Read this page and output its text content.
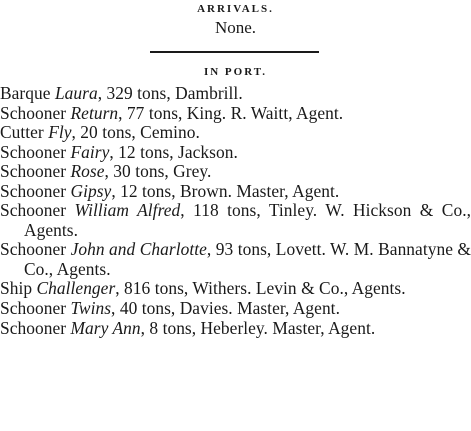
ARRIVALS.
None.
IN PORT.
Barque Laura, 329 tons, Dambrill.
Schooner Return, 77 tons, King. R. Waitt, Agent.
Cutter Fly, 20 tons, Cemino.
Schooner Fairy, 12 tons, Jackson.
Schooner Rose, 30 tons, Grey.
Schooner Gipsy, 12 tons, Brown. Master, Agent.
Schooner William Alfred, 118 tons, Tinley. W. Hickson & Co., Agents.
Schooner John and Charlotte, 93 tons, Lovett. W. M. Bannatyne & Co., Agents.
Ship Challenger, 816 tons, Withers. Levin & Co., Agents.
Schooner Twins, 40 tons, Davies. Master, Agent.
Schooner Mary Ann, 8 tons, Heberley. Master, Agent.
